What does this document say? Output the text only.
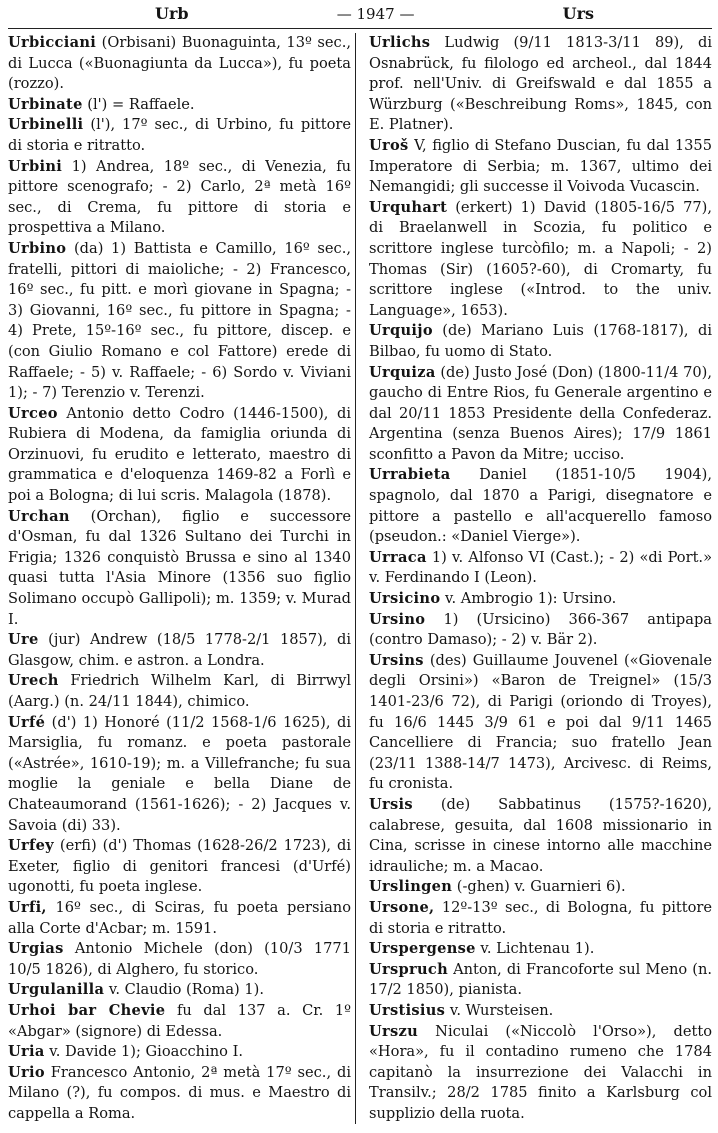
Urb	— 1947 —	Urs

Urbicciani (Orbisani) Buonaguinta, 13º sec., di Lucca («Buonagiunta da Lucca»), fu poeta (rozzo).

Urbinate (l') = Raffaele.

Urbinelli (l'), 17º sec., di Urbino, fu pittore di storia e ritratto.

Urbini 1) Andrea, 18º sec., di Venezia, fu pittore scenografo; - 2) Carlo, 2ª metà 16º sec., di Crema, fu pittore di storia e prospettiva a Milano.

Urbino (da) 1) Battista e Camillo, 16º sec., fratelli, pittori di maioliche; - 2) Francesco, 16º sec., fu pitt. e morì giovane in Spagna; - 3) Giovanni, 16º sec., fu pittore in Spagna; - 4) Prete, 15º-16º sec., fu pittore, discep. e (con Giulio Romano e col Fattore) erede di Raffaele; - 5) v. Raffaele; - 6) Sordo v. Viviani 1); - 7) Terenzio v. Terenzi.

Urceo Antonio detto Codro (1446-1500), di Rubiera di Modena, da famiglia oriunda di Orzinuovi, fu erudito e letterato, maestro di grammatica e d'eloquenza 1469-82 a Forlì e poi a Bologna; di lui scris. Malagola (1878).

Urchan (Orchan), figlio e successore d'Osman, fu dal 1326 Sultano dei Turchi in Frigia; 1326 conquistò Brussa e sino al 1340 quasi tutta l'Asia Minore (1356 suo figlio Solimano occupò Gallipoli); m. 1359; v. Murad I.

Ure (jur) Andrew (18/5 1778-2/1 1857), di Glasgow, chim. e astron. a Londra.

Urech Friedrich Wilhelm Karl, di Birrwyl (Aarg.) (n. 24/11 1844), chimico.

Urfé (d') 1) Honoré (11/2 1568-1/6 1625), di Marsiglia, fu romanz. e poeta pastorale («Astrée», 1610-19); m. a Villefranche; fu sua moglie la geniale e bella Diane de Chateaumorand (1561-1626); - 2) Jacques v. Savoia (di) 33).

Urfey (erfi) (d') Thomas (1628-26/2 1723), di Exeter, figlio di genitori francesi (d'Urfé) ugonotti, fu poeta inglese.

Urfi, 16º sec., di Sciras, fu poeta persiano alla Corte d'Acbar; m. 1591.

Urgias Antonio Michele (don) (10/3 1771 10/5 1826), di Alghero, fu storico.

Urgulanilla v. Claudio (Roma) 1).

Urhoi bar Chevie fu dal 137 a. Cr. 1º «Abgar» (signore) di Edessa.

Uria v. Davide 1); Gioacchino I.

Urio Francesco Antonio, 2ª metà 17º sec., di Milano (?), fu compos. di mus. e Maestro di cappella a Roma.

Urlichs Ludwig (9/11 1813-3/11 89), di Osnabrück, fu filologo ed archeol., dal 1844 prof. nell'Univ. di Greifswald e dal 1855 a Würzburg («Beschreibung Roms», 1845, con E. Platner).

Uroš V, figlio di Stefano Duscian, fu dal 1355 Imperatore di Serbia; m. 1367, ultimo dei Nemangidi; gli successe il Voivoda Vucascin.

Urquhart (erkert) 1) David (1805-16/5 77), di Braelanwell in Scozia, fu politico e scrittore inglese turcòfilo; m. a Napoli; - 2) Thomas (Sir) (1605?-60), di Cromarty, fu scrittore inglese («Introd. to the univ. Language», 1653).

Urquijo (de) Mariano Luis (1768-1817), di Bilbao, fu uomo di Stato.

Urquiza (de) Justo José (Don) (1800-11/4 70), gaucho di Entre Rios, fu Generale argentino e dal 20/11 1853 Presidente della Confederaz. Argentina (senza Buenos Aires); 17/9 1861 sconfitto a Pavon da Mitre; ucciso.

Urrabieta Daniel (1851-10/5 1904), spagnolo, dal 1870 a Parigi, disegnatore e pittore a pastello e all'acquerello famoso (pseudon.: «Daniel Vierge»).

Urraca 1) v. Alfonso VI (Cast.); - 2) «di Port.» v. Ferdinando I (Leon).

Ursicino v. Ambrogio 1): Ursino.

Ursino 1) (Ursicino) 366-367 antipapa (contro Damaso); - 2) v. Bär 2).

Ursins (des) Guillaume Jouvenel («Giovenale degli Orsini») «Baron de Treignel» (15/3 1401-23/6 72), di Parigi (oriondo di Troyes), fu 16/6 1445 3/9 61 e poi dal 9/11 1465 Cancelliere di Francia; suo fratello Jean (23/11 1388-14/7 1473), Arcivesc. di Reims, fu cronista.

Ursis (de) Sabbatinus (1575?-1620), calabrese, gesuita, dal 1608 missionario in Cina, scrisse in cinese intorno alle macchine idrauliche; m. a Macao.

Urslingen (-ghen) v. Guarnieri 6).

Ursone, 12º-13º sec., di Bologna, fu pittore di storia e ritratto.

Urspergense v. Lichtenau 1).

Urspruch Anton, di Francoforte sul Meno (n. 17/2 1850), pianista.

Urstisius v. Wursteisen.

Urszu Niculai («Niccolò l'Orso»), detto «Hora», fu il contadino rumeno che 1784 capitanò la insurrezione dei Valacchi in Transilv.; 28/2 1785 finito a Karlsburg col supplizio della ruota.
